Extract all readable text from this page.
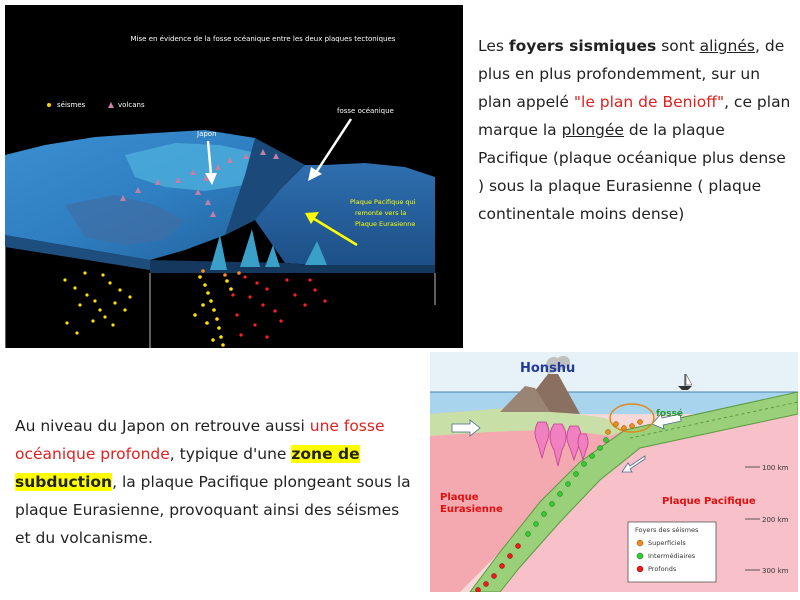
Mise en évidence de la fosse océanique entre les deux plaques tectoniques
séismes	volcans
Japon
fosse océanique
Plaque Pacifique qui
remonte vers la
Plaque Eurasienne
Les foyers sismiques sont alignés, de plus en plus profondemment, sur un plan appelé "le plan de Benioff", ce plan marque la plongée de la plaque Pacifique (plaque océanique plus dense ) sous la plaque Eurasienne ( plaque continentale moins dense)
Au niveau du Japon on retrouve aussi une fosse océanique profonde, typique d'une zone de subduction, la plaque Pacifique plongeant sous la plaque Eurasienne, provoquant ainsi des séismes et du volcanisme.
100 km
200 km
300 km
Honshu
fossé
Plaque
Eurasienne
Plaque Pacifique
Foyers des séismes
Superficiels
Intermédiaires
Profonds
